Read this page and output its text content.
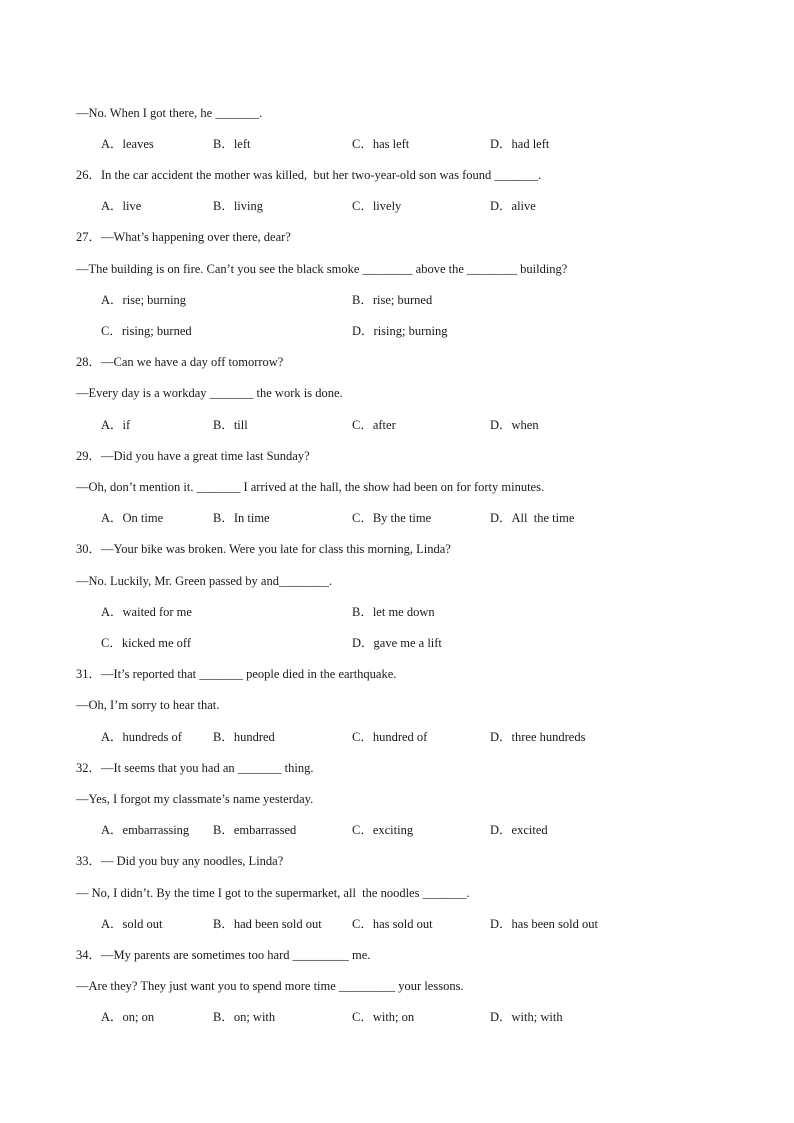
—No. When I got there, he _______.
A．leaves	B．left	C．has left	D．had left
26．In the car accident the mother was killed,  but her two-year-old son was found _______.
A．live	B．living	C．lively	D．alive
27．—What’s happening over there, dear?
—The building is on fire. Can’t you see the black smoke ________ above the ________ building?
A．rise; burning	B．rise; burned
C．rising; burned	D．rising; burning
28．—Can we have a day off tomorrow?
—Every day is a workday _______ the work is done.
A．if	B．till	C．after	D．when
29．—Did you have a great time last Sunday?
—Oh, don’t mention it. _______ I arrived at the hall, the show had been on for forty minutes.
A．On time	B．In time	C．By the time	D．All  the time
30．—Your bike was broken. Were you late for class this morning, Linda?
—No. Luckily, Mr. Green passed by and________.
A．waited for me	B．let me down
C．kicked me off	D．gave me a lift
31．—It’s reported that _______ people died in the earthquake.
—Oh, I’m sorry to hear that.
A．hundreds of B．hundred	C．hundred of	D．three hundreds
32．—It seems that you had an _______ thing.
—Yes, I forgot my classmate’s name yesterday.
A．embarrassing B．embarrassed	C．exciting	D．excited
33．— Did you buy any noodles, Linda?
— No, I didn’t. By the time I got to the supermarket, all  the noodles _______.
A．sold out	B．had been sold out C．has sold out	D．has been sold out
34．—My parents are sometimes too hard _________ me.
—Are they? They just want you to spend more time _________ your lessons.
A．on; on	B．on; with	C．with; on	D．with; with
